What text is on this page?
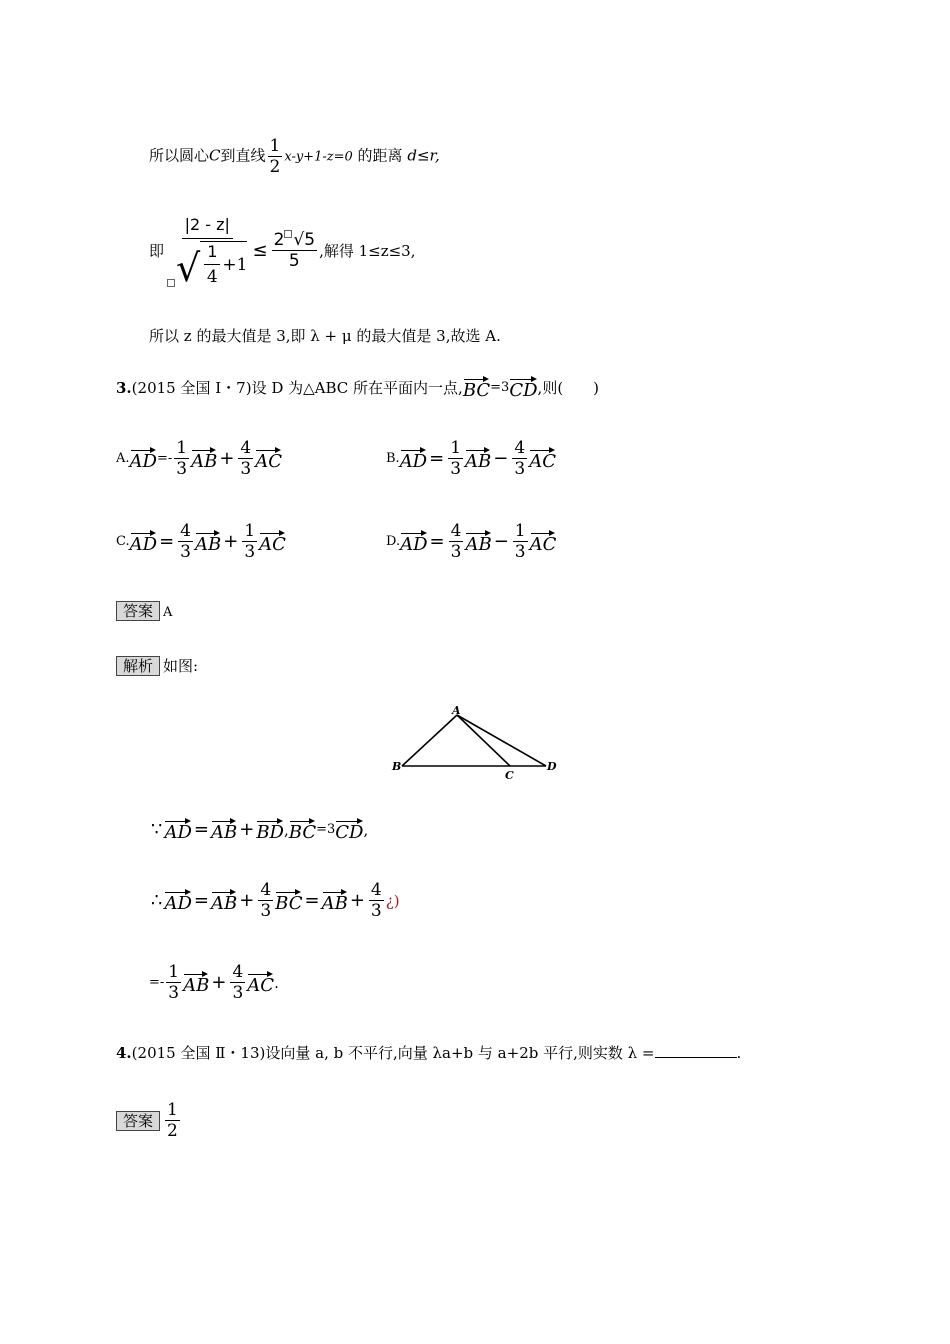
所以圆心C到直线 $\frac{1}{2} x-y+1-z=0$ 的距离 d≤r,
即 $\frac{|2 - z|}{√ \frac{1}{4} +1} \le \frac{2 √5}{5}$ ,解得 1≤z≤3,
所以 z 的最大值是 3,即 λ + μ 的最大值是 3,故选 A.
3. (2015 全国 Ⅰ・7) 设 D 为△ABC 所在平面内一点, BC =3 CD ,则(　　)
A. AD =- $\frac{1}{3}$ AB + $\frac{4}{3}$ AC	B. AD = $\frac{1}{3}$ AB − $\frac{4}{3}$ AC
C. AD = $\frac{4}{3}$ AB + $\frac{1}{3}$ AC	D. AD = $\frac{4}{3}$ AB − $\frac{1}{3}$ AC
答案 A
解析 如图:
A
B
C
D
∵ AD = AB + BD , BC =3 CD ,
∴ AD = AB + $\frac{4}{3}$ BC = AB + $\frac{4}{3}$ ¿)
=- $\frac{1}{3}$ AB + $\frac{4}{3}$ AC .
4.(2015 全国 Ⅱ・13)设向量 a, b 不平行,向量 λa+b 与 a+2b 平行,则实数 λ =	.
答案 $\frac{1}{2}$
